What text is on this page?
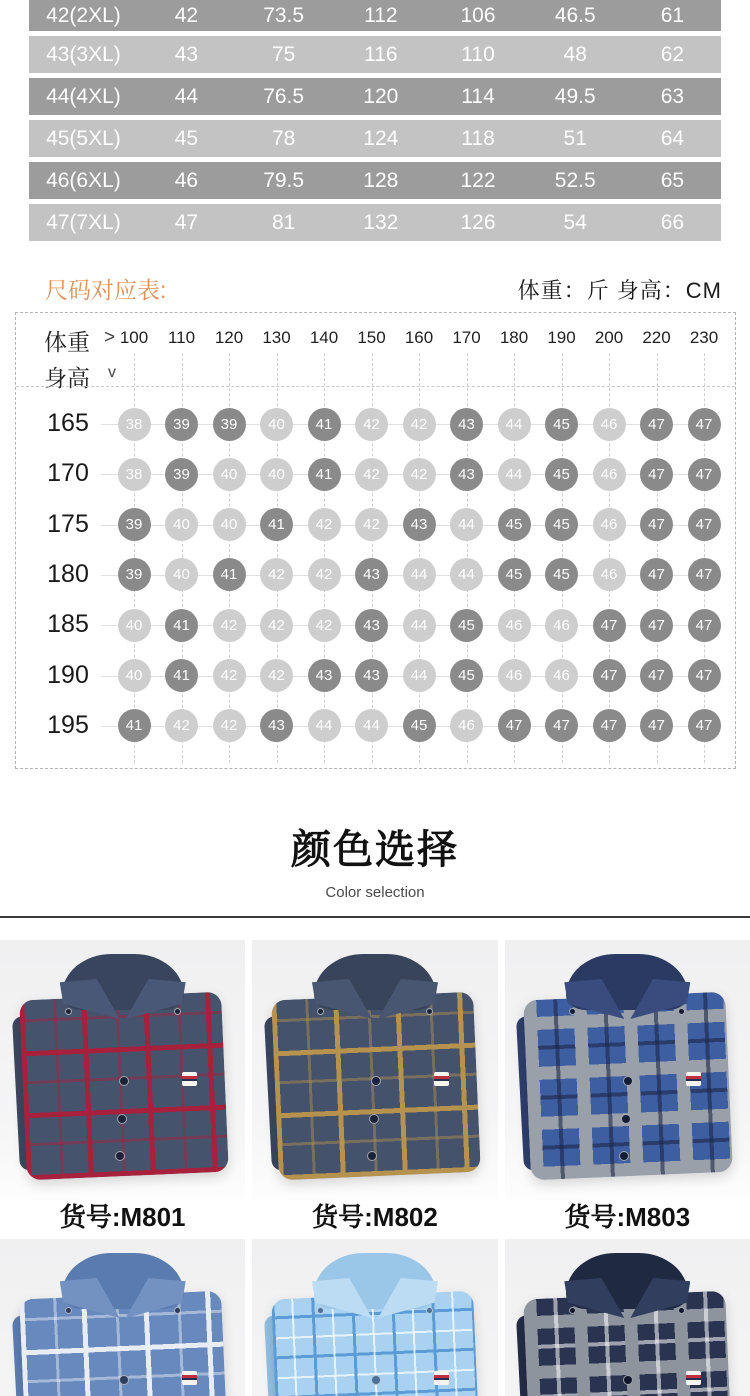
42(2XL)	42	73.5	112	106	46.5	61
43(3XL)	43	75	116	110	48	62
44(4XL)	44	76.5	120	114	49.5	63
45(5XL)	45	78	124	118	51	64
46(6XL)	46	79.5	128	122	52.5	65
47(7XL)	47	81	132	126	54	66
尺码对应表:	体重：斤 身高：CM
体重 >
身高 v
100	110	120	130	140	150	160	170	180	190	200	220	230
165	38	39	39	40	41	42	42	43	44	45	46	47	47
170	38	39	40	40	41	42	42	43	44	45	46	47	47
175	39	40	40	41	42	42	43	44	45	45	46	47	47
180	39	40	41	42	42	43	44	44	45	45	46	47	47
185	40	41	42	42	42	43	44	45	46	46	47	47	47
190	40	41	42	42	43	43	44	45	46	46	47	47	47
195	41	42	42	43	44	44	45	46	47	47	47	47	47
颜色选择
Color selection
货号:M801	货号:M802	货号:M803
